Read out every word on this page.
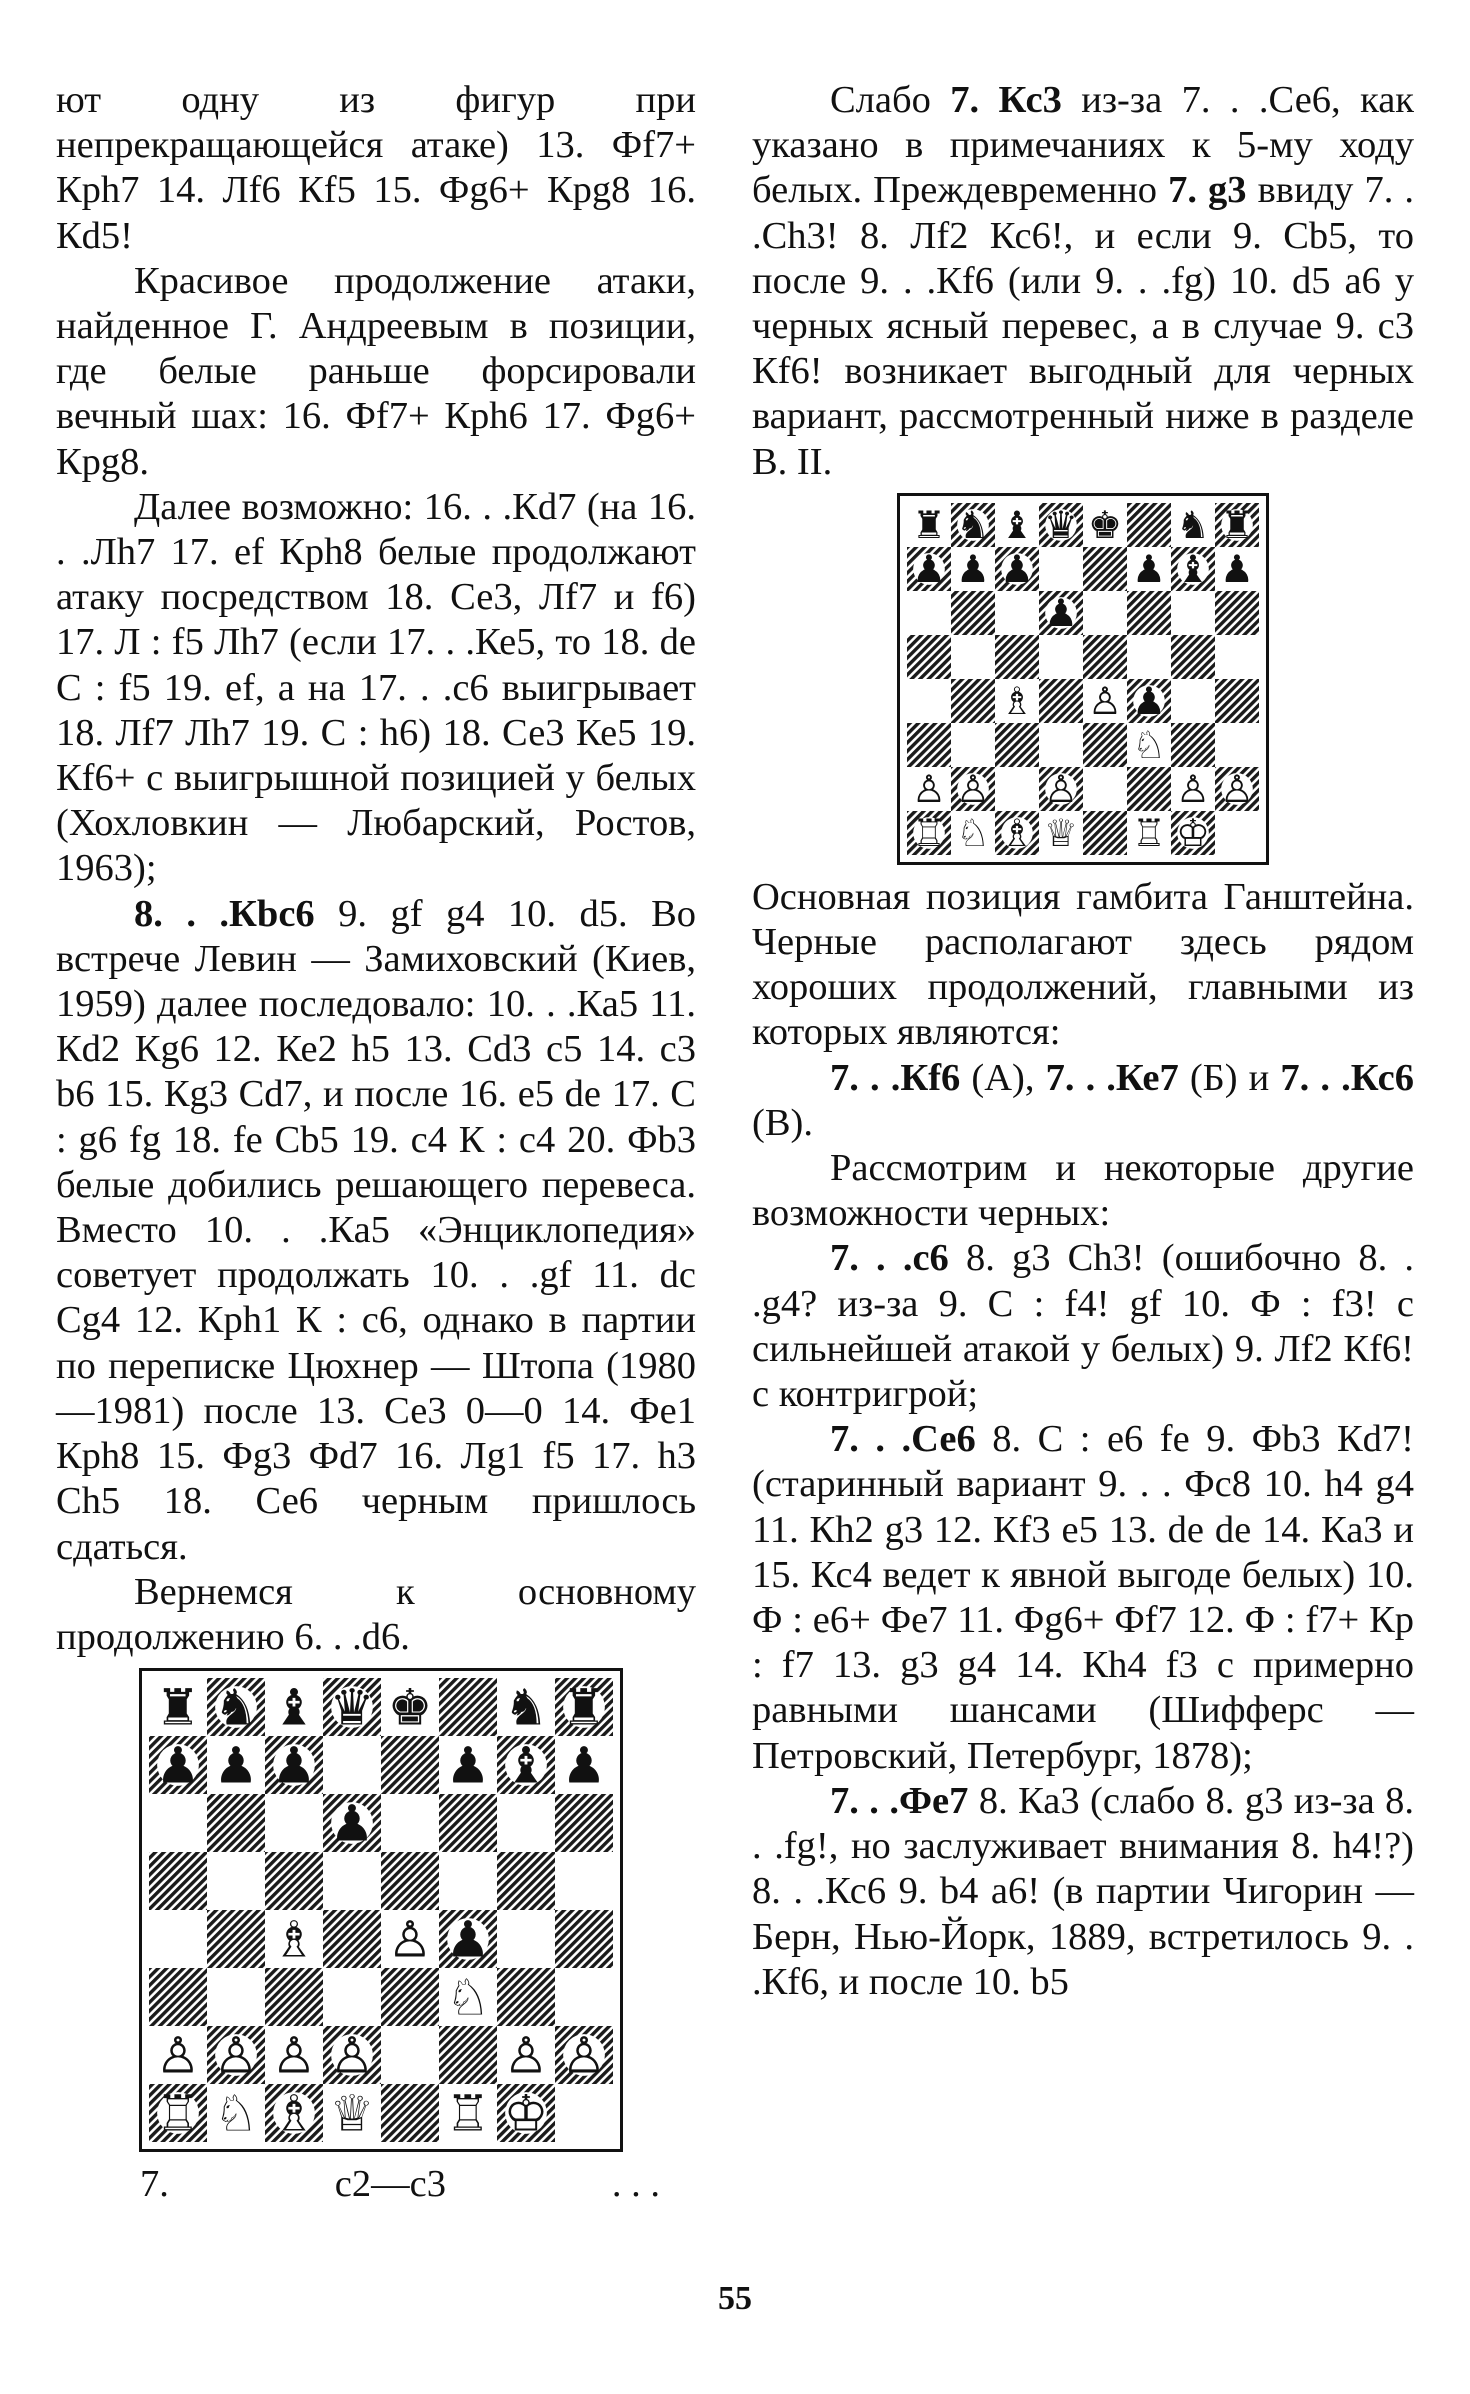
ют одну из фигур при непрекращающейся атаке) 13. Фf7+ Крh7 14. Лf6 Кf5 15. Фg6+ Крg8 16. Кd5!

Красивое продолжение атаки, найденное Г. Андреевым в позиции, где белые раньше форсировали вечный шах: 16. Фf7+ Крh6 17. Фg6+ Крg8.

Далее возможно: 16. . .Кd7 (на 16. . .Лh7 17. ef Крh8 белые продолжают атаку посредством 18. Се3, Лf7 и f6) 17. Л : f5 Лh7 (если 17. . .Ке5, то 18. de С : f5 19. ef, а на 17. . .с6 выигрывает 18. Лf7 Лh7 19. С : h6) 18. Се3 Ке5 19. Кf6+ с выигрышной позицией у белых (Хохловкин — Любарский, Ростов, 1963);

8. . .Кbс6 9. gf g4 10. d5. Во встрече Левин — Замиховский (Киев, 1959) далее последовало: 10. . .Ка5 11. Кd2 Кg6 12. Ке2 h5 13. Сd3 с5 14. с3 b6 15. Кg3 Сd7, и после 16. е5 de 17. С : g6 fg 18. fe Сb5 19. с4 К : с4 20. Фb3 белые добились решающего перевеса. Вместо 10. . .Ка5 «Энциклопедия» советует продолжать 10. . .gf 11. dc Сg4 12. Крh1 К : с6, однако в партии по переписке Цюхнер — Штопа (1980—1981) после 13. Се3 0—0 14. Фе1 Крh8 15. Фg3 Фd7 16. Лg1 f5 17. h3 Сh5 18. Се6 черным пришлось сдаться.

Вернемся к основному продолжению 6. . .d6.

♜ ♞ ♝ ♛ ♚ ♞ ♜
♟ ♟ ♟	♟ ♝ ♟
♟
♗ ♙ ♟
♘
♙ ♙ ♙ ♙	♙ ♙
♖ ♘ ♗ ♕ ♖ ♔
7.	c2—c3	. . .

Слабо 7. Кс3 из-за 7. . .Се6, как указано в примечаниях к 5-му ходу белых. Преждевременно 7. g3 ввиду 7. . .Сh3! 8. Лf2 Кс6!, и если 9. Сb5, то после 9. . .Кf6 (или 9. . .fg) 10. d5 a6 у черных ясный перевес, а в случае 9. с3 Кf6! возникает выгодный для черных вариант, рассмотренный ниже в разделе В. II.

♜ ♞ ♝ ♛ ♚ ♞ ♜
♟ ♟ ♟	♟ ♝ ♟
♟
♗ ♙ ♟
♘
♙ ♙ ♙	♙ ♙
♖ ♘ ♗ ♕ ♖ ♔

Основная позиция гамбита Ганштейна. Черные располагают здесь рядом хороших продолжений, главными из которых являются:

7. . .Кf6 (А), 7. . .Ке7 (Б) и 7. . .Кс6 (В).

Рассмотрим и некоторые другие возможности черных:

7. . .с6 8. g3 Сh3! (ошибочно 8. . .g4? из-за 9. С : f4! gf 10. Ф : f3! с сильнейшей атакой у белых) 9. Лf2 Кf6! с контригрой;

7. . .Се6 8. С : е6 fe 9. Фb3 Кd7! (старинный вариант 9. . . Фс8 10. h4 g4 11. Кh2 g3 12. Кf3 е5 13. de de 14. Ка3 и 15. Кс4 ведет к явной выгоде белых) 10. Ф : е6+ Фе7 11. Фg6+ Фf7 12. Ф : f7+ Кр : f7 13. g3 g4 14. Кh4 f3 с примерно равными шансами (Шифферс — Петровский, Петербург, 1878);

7. . .Фе7 8. Ка3 (слабо 8. g3 из-за 8. . .fg!, но заслуживает внимания 8. h4!?) 8. . .Кс6 9. b4 a6! (в партии Чигорин — Берн, Нью-Йорк, 1889, встретилось 9. . .Кf6, и после 10. b5

55
